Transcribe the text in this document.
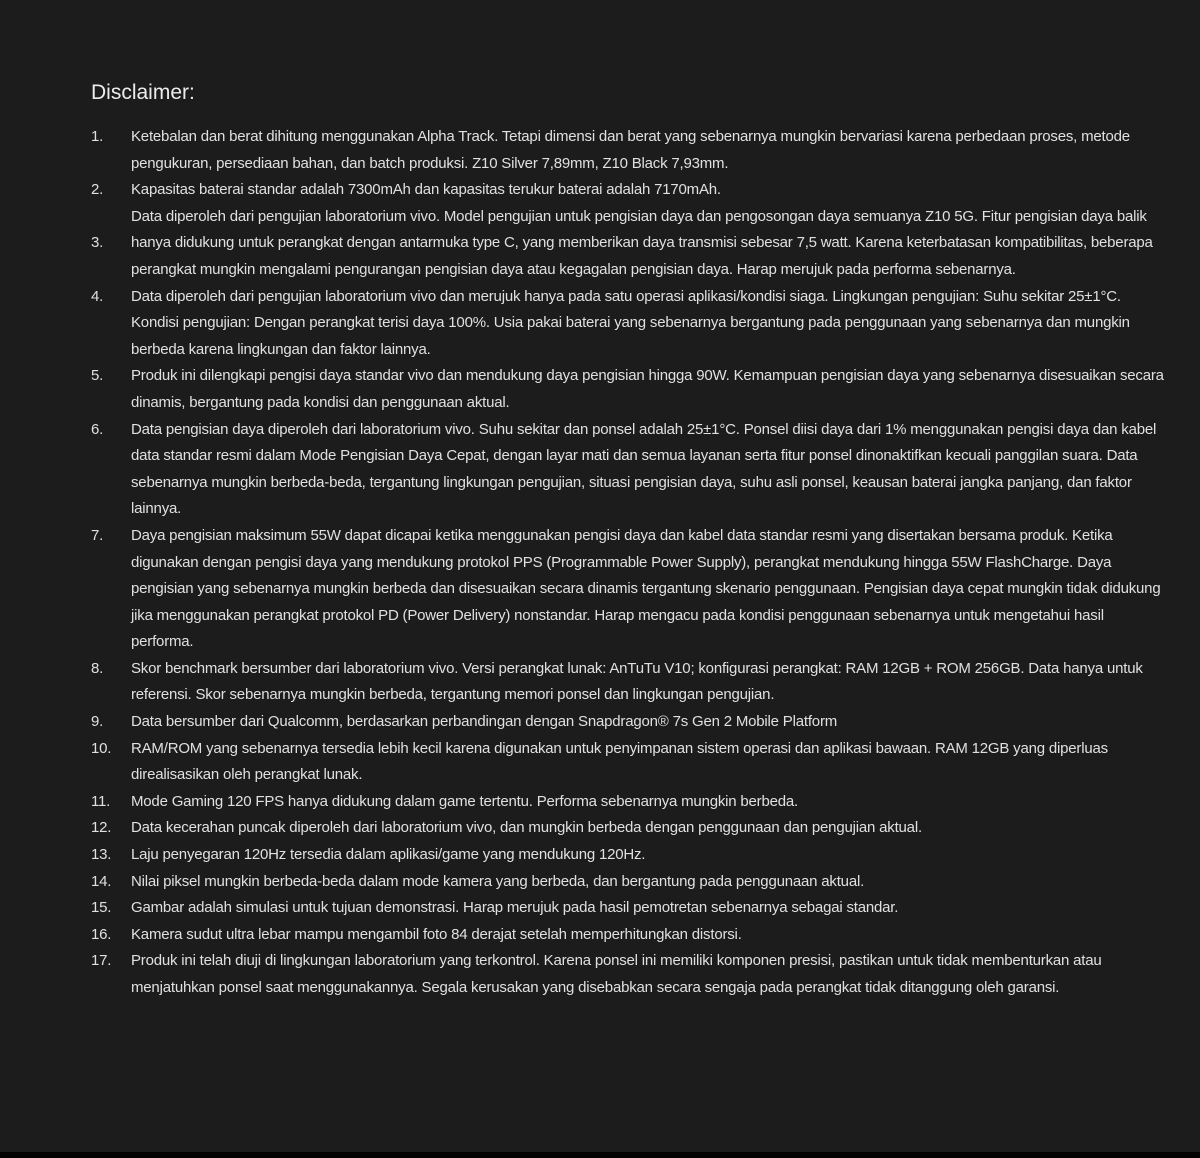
Disclaimer:
1.	Ketebalan dan berat dihitung menggunakan Alpha Track. Tetapi dimensi dan berat yang sebenarnya mungkin bervariasi karena perbedaan proses, metode pengukuran, persediaan bahan, dan batch produksi. Z10 Silver 7,89mm, Z10 Black 7,93mm.
2.	Kapasitas baterai standar adalah 7300mAh dan kapasitas terukur baterai adalah 7170mAh.
3.
Data diperoleh dari pengujian laboratorium vivo. Model pengujian untuk pengisian daya dan pengosongan daya semuanya Z10 5G. Fitur pengisian daya balik hanya didukung untuk perangkat dengan antarmuka type C, yang memberikan daya transmisi sebesar 7,5 watt. Karena keterbatasan kompatibilitas, beberapa perangkat mungkin mengalami pengurangan pengisian daya atau kegagalan pengisian daya. Harap merujuk pada performa sebenarnya.
4.	Data diperoleh dari pengujian laboratorium vivo dan merujuk hanya pada satu operasi aplikasi/kondisi siaga. Lingkungan pengujian: Suhu sekitar 25±1°C. Kondisi pengujian: Dengan perangkat terisi daya 100%. Usia pakai baterai yang sebenarnya bergantung pada penggunaan yang sebenarnya dan mungkin berbeda karena lingkungan dan faktor lainnya.
5.	Produk ini dilengkapi pengisi daya standar vivo dan mendukung daya pengisian hingga 90W. Kemampuan pengisian daya yang sebenarnya disesuaikan secara dinamis, bergantung pada kondisi dan penggunaan aktual.
6.	Data pengisian daya diperoleh dari laboratorium vivo. Suhu sekitar dan ponsel adalah 25±1°C. Ponsel diisi daya dari 1% menggunakan pengisi daya dan kabel data standar resmi dalam Mode Pengisian Daya Cepat, dengan layar mati dan semua layanan serta fitur ponsel dinonaktifkan kecuali panggilan suara. Data sebenarnya mungkin berbeda-beda, tergantung lingkungan pengujian, situasi pengisian daya, suhu asli ponsel, keausan baterai jangka panjang, dan faktor lainnya.
7.	Daya pengisian maksimum 55W dapat dicapai ketika menggunakan pengisi daya dan kabel data standar resmi yang disertakan bersama produk. Ketika digunakan dengan pengisi daya yang mendukung protokol PPS (Programmable Power Supply), perangkat mendukung hingga 55W FlashCharge. Daya pengisian yang sebenarnya mungkin berbeda dan disesuaikan secara dinamis tergantung skenario penggunaan. Pengisian daya cepat mungkin tidak didukung jika menggunakan perangkat protokol PD (Power Delivery) nonstandar. Harap mengacu pada kondisi penggunaan sebenarnya untuk mengetahui hasil performa.
8.	Skor benchmark bersumber dari laboratorium vivo. Versi perangkat lunak: AnTuTu V10; konfigurasi perangkat: RAM 12GB + ROM 256GB. Data hanya untuk referensi. Skor sebenarnya mungkin berbeda, tergantung memori ponsel dan lingkungan pengujian.
9.	Data bersumber dari Qualcomm, berdasarkan perbandingan dengan Snapdragon® 7s Gen 2 Mobile Platform
10.	RAM/ROM yang sebenarnya tersedia lebih kecil karena digunakan untuk penyimpanan sistem operasi dan aplikasi bawaan. RAM 12GB yang diperluas direalisasikan oleh perangkat lunak.
11.	Mode Gaming 120 FPS hanya didukung dalam game tertentu. Performa sebenarnya mungkin berbeda.
12.	Data kecerahan puncak diperoleh dari laboratorium vivo, dan mungkin berbeda dengan penggunaan dan pengujian aktual.
13.	Laju penyegaran 120Hz tersedia dalam aplikasi/game yang mendukung 120Hz.
14.	Nilai piksel mungkin berbeda-beda dalam mode kamera yang berbeda, dan bergantung pada penggunaan aktual.
15.	Gambar adalah simulasi untuk tujuan demonstrasi. Harap merujuk pada hasil pemotretan sebenarnya sebagai standar.
16.	Kamera sudut ultra lebar mampu mengambil foto 84 derajat setelah memperhitungkan distorsi.
17.	Produk ini telah diuji di lingkungan laboratorium yang terkontrol. Karena ponsel ini memiliki komponen presisi, pastikan untuk tidak membenturkan atau menjatuhkan ponsel saat menggunakannya. Segala kerusakan yang disebabkan secara sengaja pada perangkat tidak ditanggung oleh garansi.
